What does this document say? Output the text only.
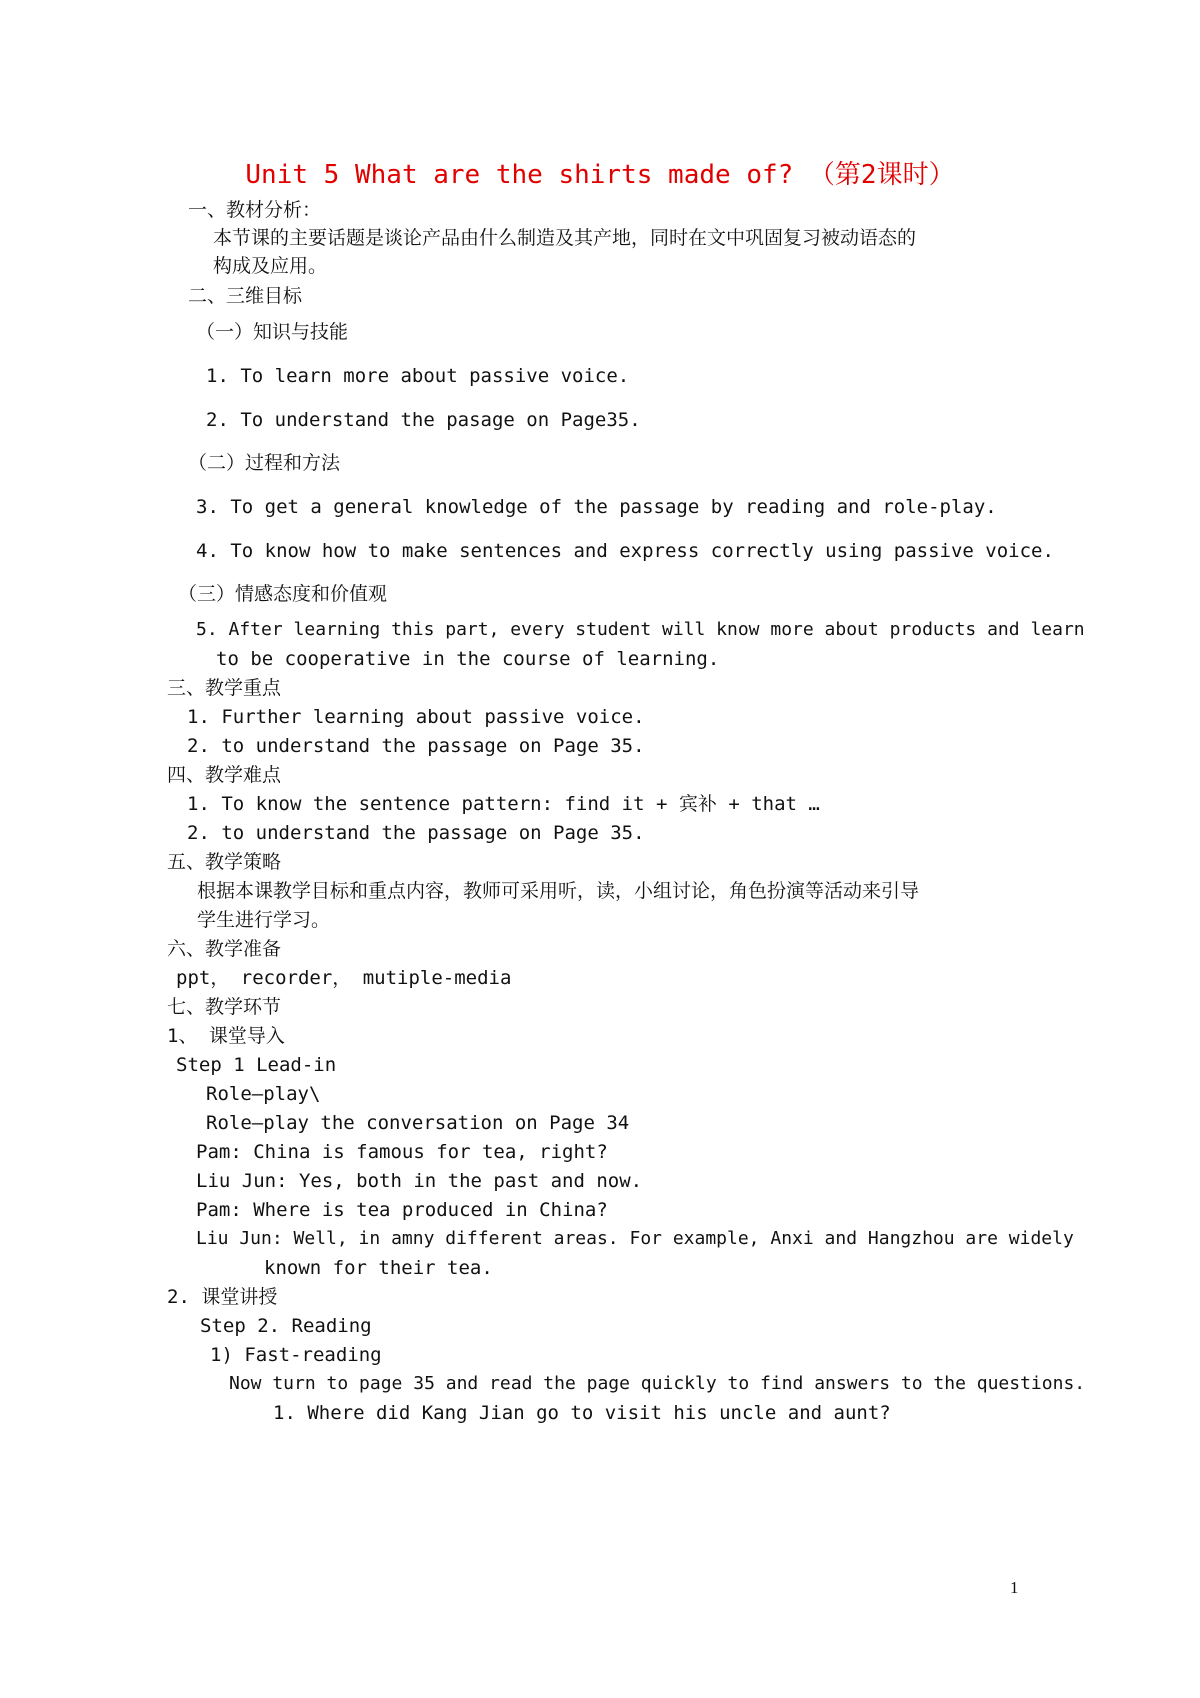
Unit 5 What are the shirts made of? （第2课时）
一、教材分析：
本节课的主要话题是谈论产品由什么制造及其产地，同时在文中巩固复习被动语态的
构成及应用。
二、三维目标
（一）知识与技能
1. To learn more about passive voice.
2. To understand the pasage on Page35.
（二）过程和方法
3. To get a general knowledge of the passage by reading and role-play.
4. To know how to make sentences and express correctly using passive voice.
（三）情感态度和价值观
5. After learning this part, every student will know more about products and learn
to be cooperative in the course of learning.
三、教学重点
1. Further learning about passive voice.
2. to understand the passage on Page 35.
四、教学难点
1. To know the sentence pattern: find it + 宾补 + that …
2. to understand the passage on Page 35.
五、教学策略
根据本课教学目标和重点内容，教师可采用听，读，小组讨论，角色扮演等活动来引导
学生进行学习。
六、教学准备
ppt， recorder， mutiple-media
七、教学环节
1、 课堂导入
Step 1 Lead-in
Role—play\
Role—play the conversation on Page 34
Pam: China is famous for tea, right?
Liu Jun: Yes, both in the past and now.
Pam: Where is tea produced in China?
Liu Jun: Well, in amny different areas. For example, Anxi and Hangzhou are widely
known for their tea.
2. 课堂讲授
Step 2. Reading
1) Fast-reading
Now turn to page 35 and read the page quickly to find answers to the questions.
1. Where did Kang Jian go to visit his uncle and aunt?
1
